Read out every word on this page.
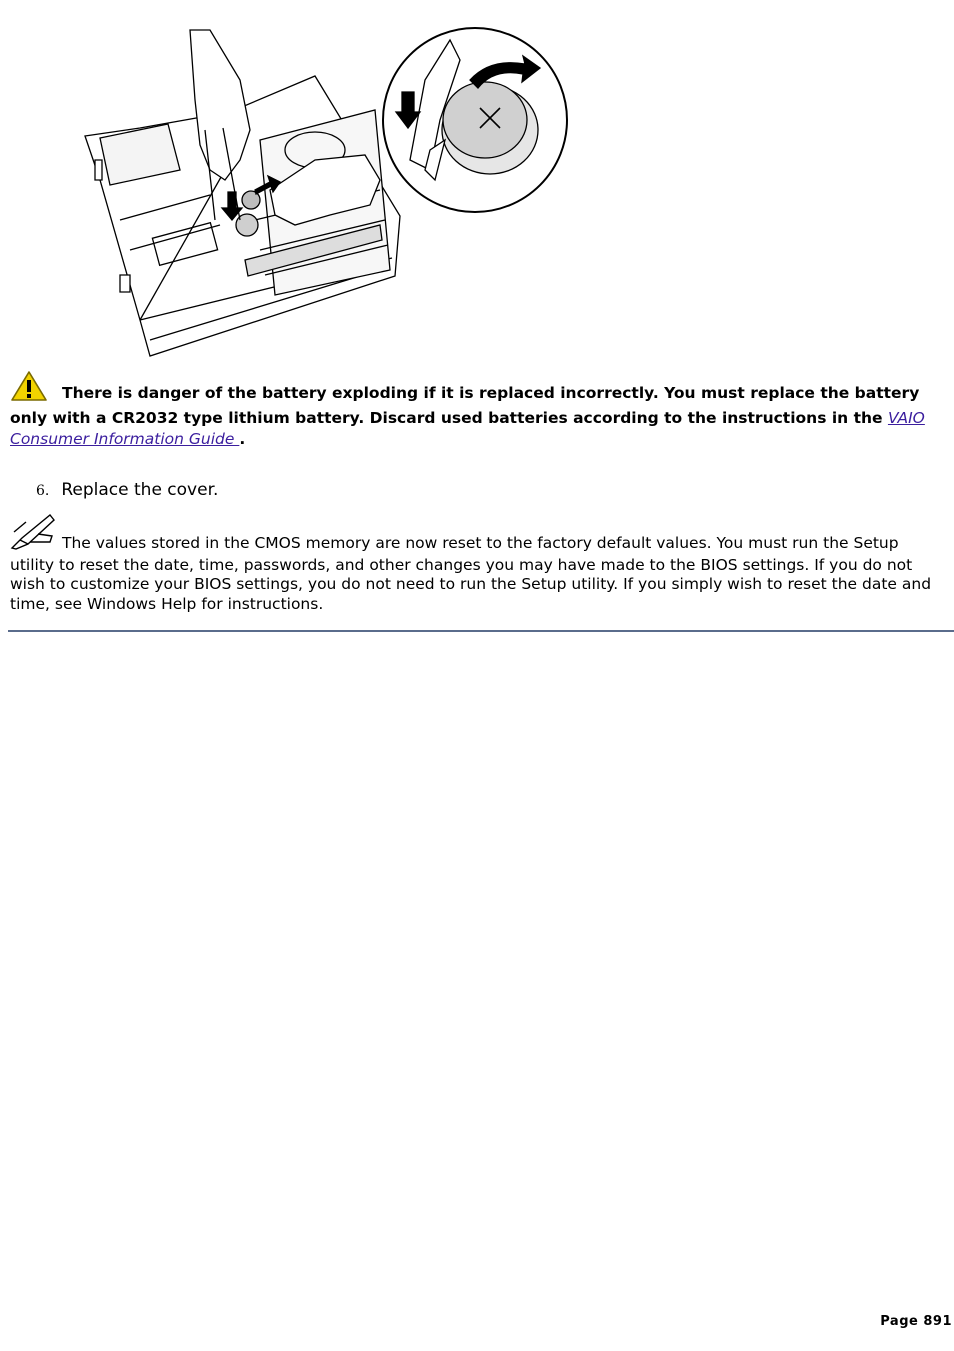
There is danger of the battery exploding if it is replaced incorrectly. You must replace the battery only with a CR2032 type lithium battery. Discard used batteries according to the instructions in the VAIO Consumer Information Guide .
6. Replace the cover.
The values stored in the CMOS memory are now reset to the factory default values. You must run the Setup utility to reset the date, time, passwords, and other changes you may have made to the BIOS settings. If you do not wish to customize your BIOS settings, you do not need to run the Setup utility. If you simply wish to reset the date and time, see Windows Help for instructions.
Page 891
